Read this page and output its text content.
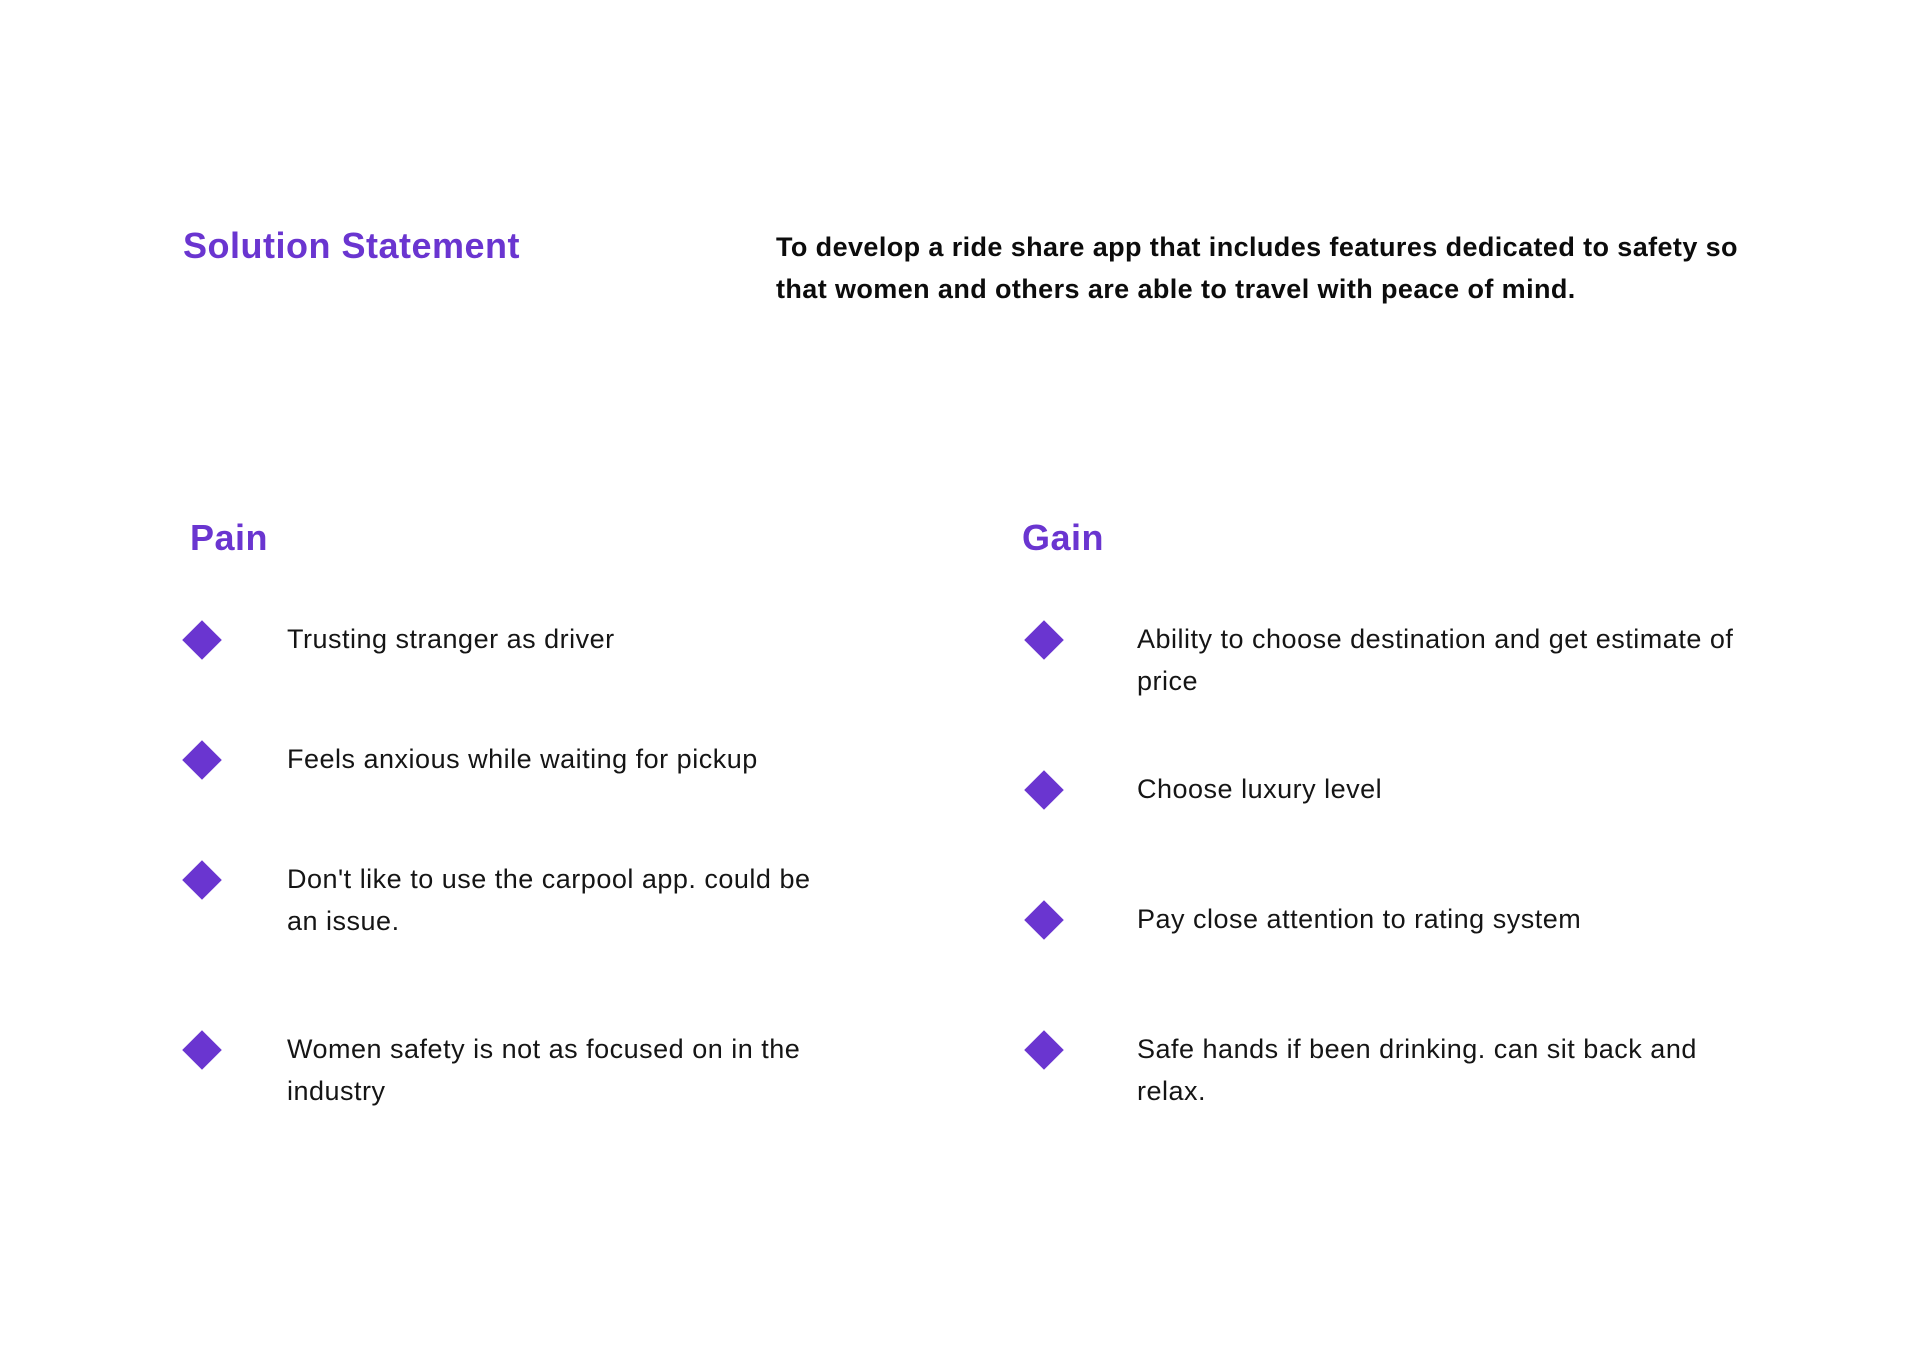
Solution Statement	To develop a ride share app that includes features dedicated to safety so that women and others are able to travel with peace of mind.

Pain	Gain

Trusting stranger as driver

Feels anxious while waiting for pickup

Don't like to use the carpool app. could be an issue.

Women safety is not as focused on in the industry

Ability to choose destination and get estimate of price

Choose luxury level

Pay close attention to rating system

Safe hands if been drinking. can sit back and relax.
